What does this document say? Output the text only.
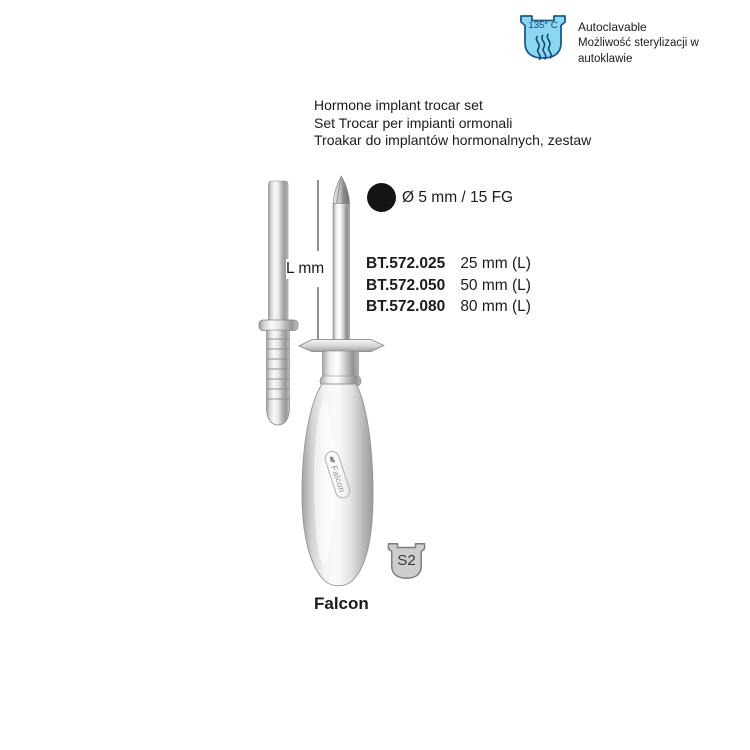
135° C	Autoclavable
Możliwość sterylizacji w autoklawie
Hormone implant trocar set
Set Trocar per impianti ormonali
Troakar do implantów hormonalnych, zestaw
Ø 5 mm / 15 FG
L mm	BT.572.025 25 mm (L)
BT.572.050 50 mm (L)
BT.572.080 80 mm (L)
Falcon
S2
Falcon
